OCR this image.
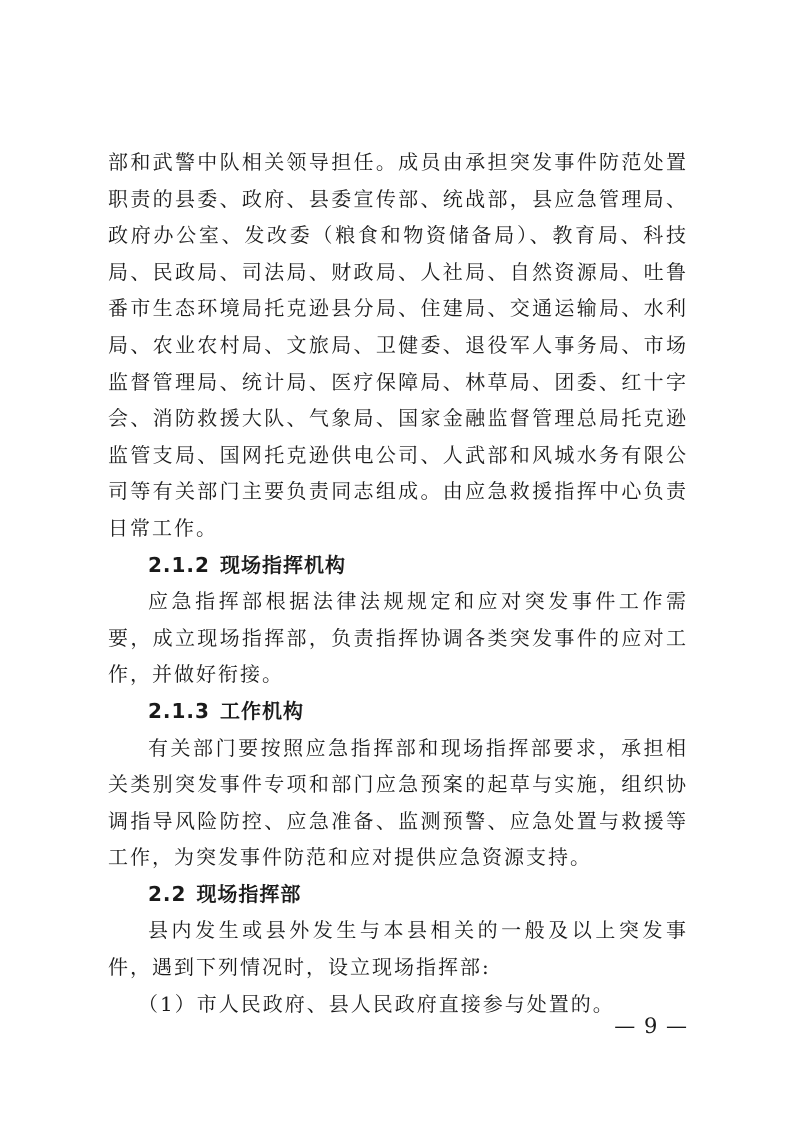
部和武警中队相关领导担任。成员由承担突发事件防范处置职责的县委、政府、县委宣传部、统战部，县应急管理局、政府办公室、发改委（粮食和物资储备局）、教育局、科技局、民政局、司法局、财政局、人社局、自然资源局、吐鲁番市生态环境局托克逊县分局、住建局、交通运输局、水利局、农业农村局、文旅局、卫健委、退役军人事务局、市场监督管理局、统计局、医疗保障局、林草局、团委、红十字会、消防救援大队、气象局、国家金融监督管理总局托克逊监管支局、国网托克逊供电公司、人武部和风城水务有限公司等有关部门主要负责同志组成。由应急救援指挥中心负责日常工作。

2.1.2 现场指挥机构

应急指挥部根据法律法规规定和应对突发事件工作需要，成立现场指挥部，负责指挥协调各类突发事件的应对工作，并做好衔接。

2.1.3 工作机构

有关部门要按照应急指挥部和现场指挥部要求，承担相关类别突发事件专项和部门应急预案的起草与实施，组织协调指导风险防控、应急准备、监测预警、应急处置与救援等工作，为突发事件防范和应对提供应急资源支持。

2.2 现场指挥部

县内发生或县外发生与本县相关的一般及以上突发事件，遇到下列情况时，设立现场指挥部:

（1）市人民政府、县人民政府直接参与处置的。

— 9 —
